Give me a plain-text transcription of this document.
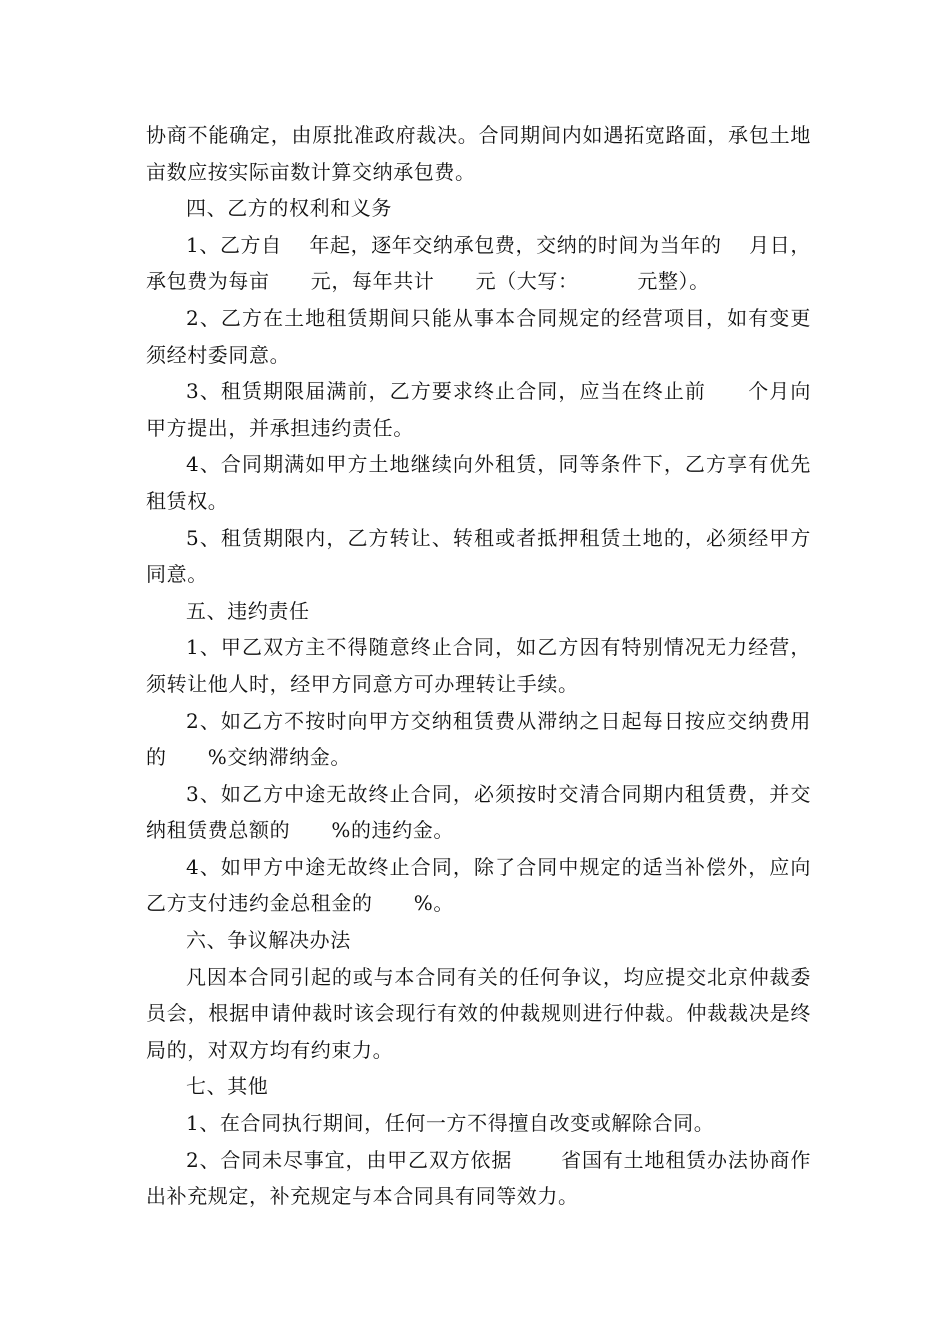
协商不能确定，由原批准政府裁决。合同期间内如遇拓宽路面，承包土地亩数应按实际亩数计算交纳承包费。

四、乙方的权利和义务

1、乙方自　 年起，逐年交纳承包费，交纳的时间为当年的　 月日，承包费为每亩　　元，每年共计　　元（大写：　　　 元整）。

2、乙方在土地租赁期间只能从事本合同规定的经营项目，如有变更须经村委同意。

3、租赁期限届满前，乙方要求终止合同，应当在终止前　　个月向甲方提出，并承担违约责任。

4、合同期满如甲方土地继续向外租赁，同等条件下，乙方享有优先租赁权。

5、租赁期限内，乙方转让、转租或者抵押租赁土地的，必须经甲方同意。

五、违约责任

1、甲乙双方主不得随意终止合同，如乙方因有特别情况无力经营，须转让他人时，经甲方同意方可办理转让手续。

2、如乙方不按时向甲方交纳租赁费从滞纳之日起每日按应交纳费用的　　%交纳滞纳金。

3、如乙方中途无故终止合同，必须按时交清合同期内租赁费，并交纳租赁费总额的　　%的违约金。

4、如甲方中途无故终止合同，除了合同中规定的适当补偿外，应向乙方支付违约金总租金的　　%。

六、争议解决办法

凡因本合同引起的或与本合同有关的任何争议，均应提交北京仲裁委员会，根据申请仲裁时该会现行有效的仲裁规则进行仲裁。仲裁裁决是终局的，对双方均有约束力。

七、其他

1、在合同执行期间，任何一方不得擅自改变或解除合同。

2、合同未尽事宜，由甲乙双方依据　　 省国有土地租赁办法协商作出补充规定，补充规定与本合同具有同等效力。
